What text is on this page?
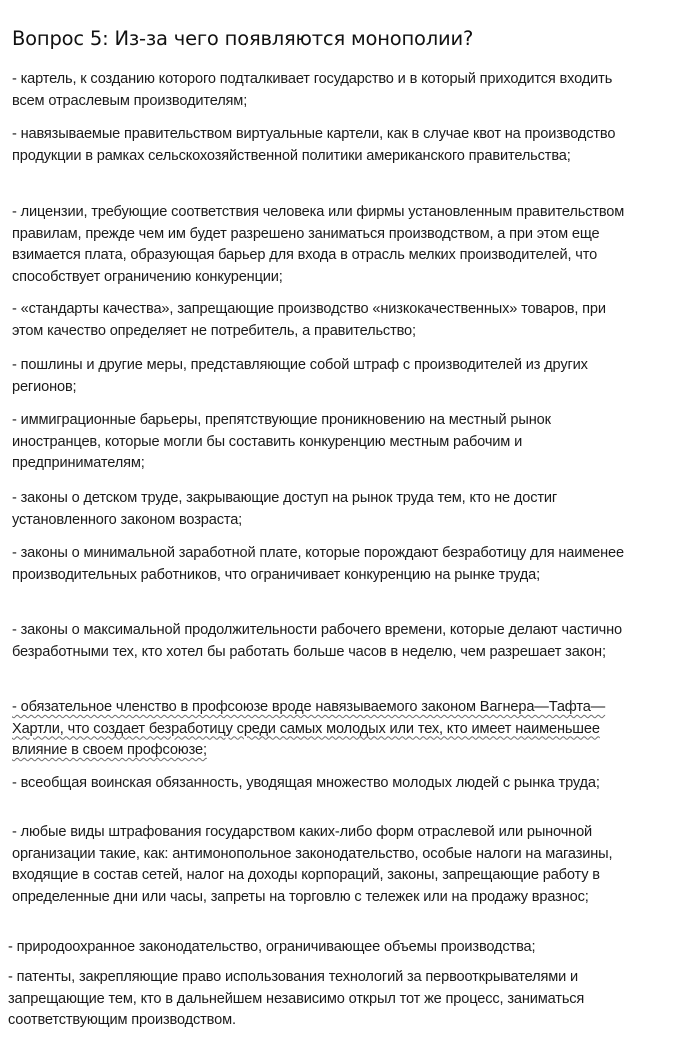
Вопрос 5: Из-за чего появляются монополии?
- картель, к созданию которого подталкивает государство и в который приходится входить всем отраслевым производителям;
- навязываемые правительством виртуальные картели, как в случае квот на производство продукции в рамках сельскохозяйственной политики американского правительства;
- лицензии, требующие соответствия человека или фирмы установленным правительством правилам, прежде чем им будет разрешено заниматься производством, а при этом еще взимается плата, образующая барьер для входа в отрасль мелких производителей, что способствует ограничению конкуренции;
- «стандарты качества», запрещающие производство «низкокачественных» товаров, при этом качество определяет не потребитель, а правительство;
- пошлины и другие меры, представляющие собой штраф с производителей из других регионов;
- иммиграционные барьеры, препятствующие проникновению на местный рынок иностранцев, которые могли бы составить конкуренцию местным рабочим и предпринимателям;
- законы о детском труде, закрывающие доступ на рынок труда тем, кто не достиг установленного законом возраста;
- законы о минимальной заработной плате, которые порождают безработицу для наименее производительных работников, что ограничивает конкуренцию на рынке труда;
- законы о максимальной продолжительности рабочего времени, которые делают частично безработными тех, кто хотел бы работать больше часов в неделю, чем разрешает закон;
- обязательное членство в профсоюзе вроде навязываемого законом Вагнера—Тафта—Хартли, что создает безработицу среди самых молодых или тех, кто имеет наименьшее влияние в своем профсоюзе;
- всеобщая воинская обязанность, уводящая множество молодых людей с рынка труда;
- любые виды штрафования государством каких-либо форм отраслевой или рыночной организации такие, как: антимонопольное законодательство, особые налоги на магазины, входящие в состав сетей, налог на доходы корпораций, законы, запрещающие работу в определенные дни или часы, запреты на торговлю с тележек или на продажу вразнос;
- природоохранное законодательство, ограничивающее объемы производства;
- патенты, закрепляющие право использования технологий за первооткрывателями и запрещающие тем, кто в дальнейшем независимо открыл тот же процесс, заниматься соответствующим производством.
